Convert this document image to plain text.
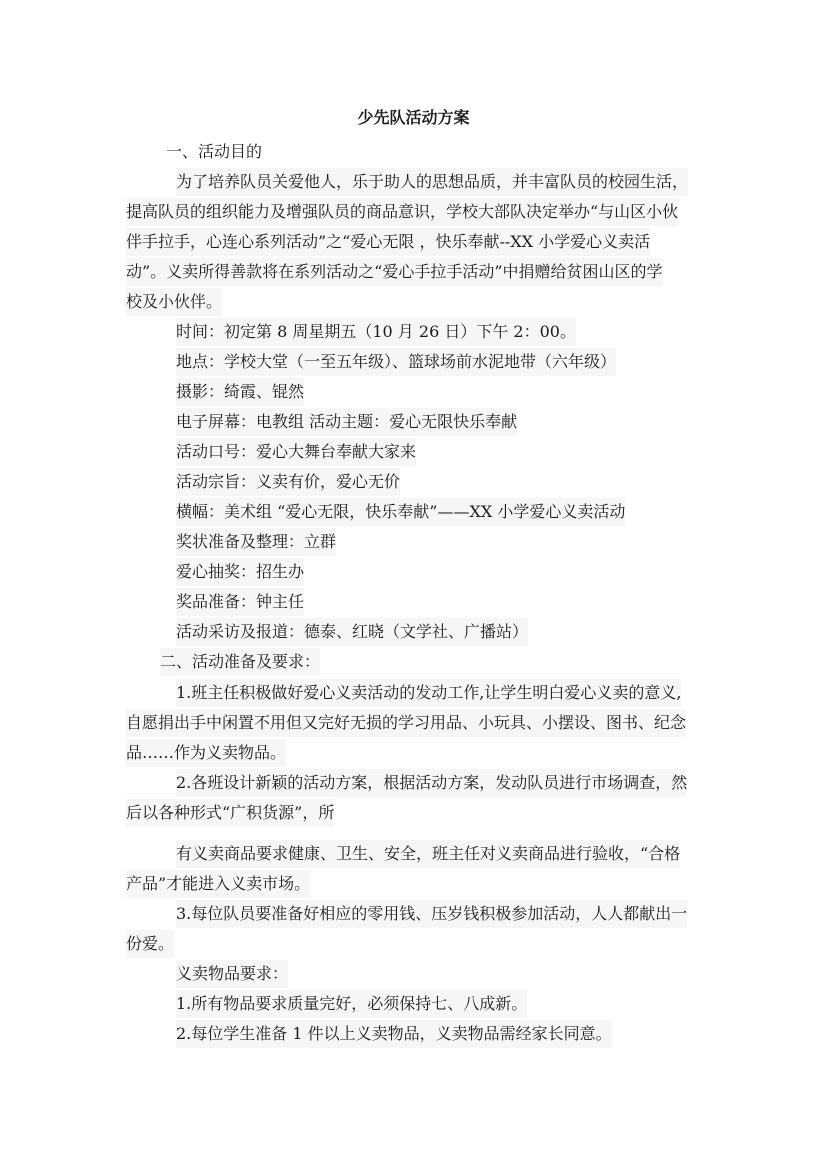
少先队活动方案
一、活动目的
为了培养队员关爱他人，乐于助人的思想品质，并丰富队员的校园生活，
提高队员的组织能力及增强队员的商品意识，学校大部队决定举办“与山区小伙
伴手拉手，心连心系列活动”之“爱心无限 ，快乐奉献--XX 小学爱心义卖活
动”。义卖所得善款将在系列活动之“爱心手拉手活动”中捐赠给贫困山区的学
校及小伙伴。
时间：初定第 8 周星期五（10 月 26 日）下午 2：00。
地点：学校大堂（一至五年级）、篮球场前水泥地带（六年级）
摄影：绮霞、锟然
电子屏幕：电教组 活动主题：爱心无限快乐奉献
活动口号：爱心大舞台奉献大家来
活动宗旨：义卖有价，爱心无价
横幅：美术组 “爱心无限，快乐奉献”——XX 小学爱心义卖活动
奖状准备及整理：立群
爱心抽奖：招生办
奖品准备：钟主任
活动采访及报道：德泰、红晓（文学社、广播站）
二、活动准备及要求：
1.班主任积极做好爱心义卖活动的发动工作,让学生明白爱心义卖的意义,
自愿捐出手中闲置不用但又完好无损的学习用品、小玩具、小摆设、图书、纪念
品……作为义卖物品。
2.各班设计新颖的活动方案，根据活动方案，发动队员进行市场调查，然
后以各种形式“广积货源”，所
有义卖商品要求健康、卫生、安全，班主任对义卖商品进行验收，“合格
产品”才能进入义卖市场。
3.每位队员要准备好相应的零用钱、压岁钱积极参加活动，人人都献出一
份爱。
义卖物品要求：
1.所有物品要求质量完好，必须保持七、八成新。
2.每位学生准备 1 件以上义卖物品，义卖物品需经家长同意。
